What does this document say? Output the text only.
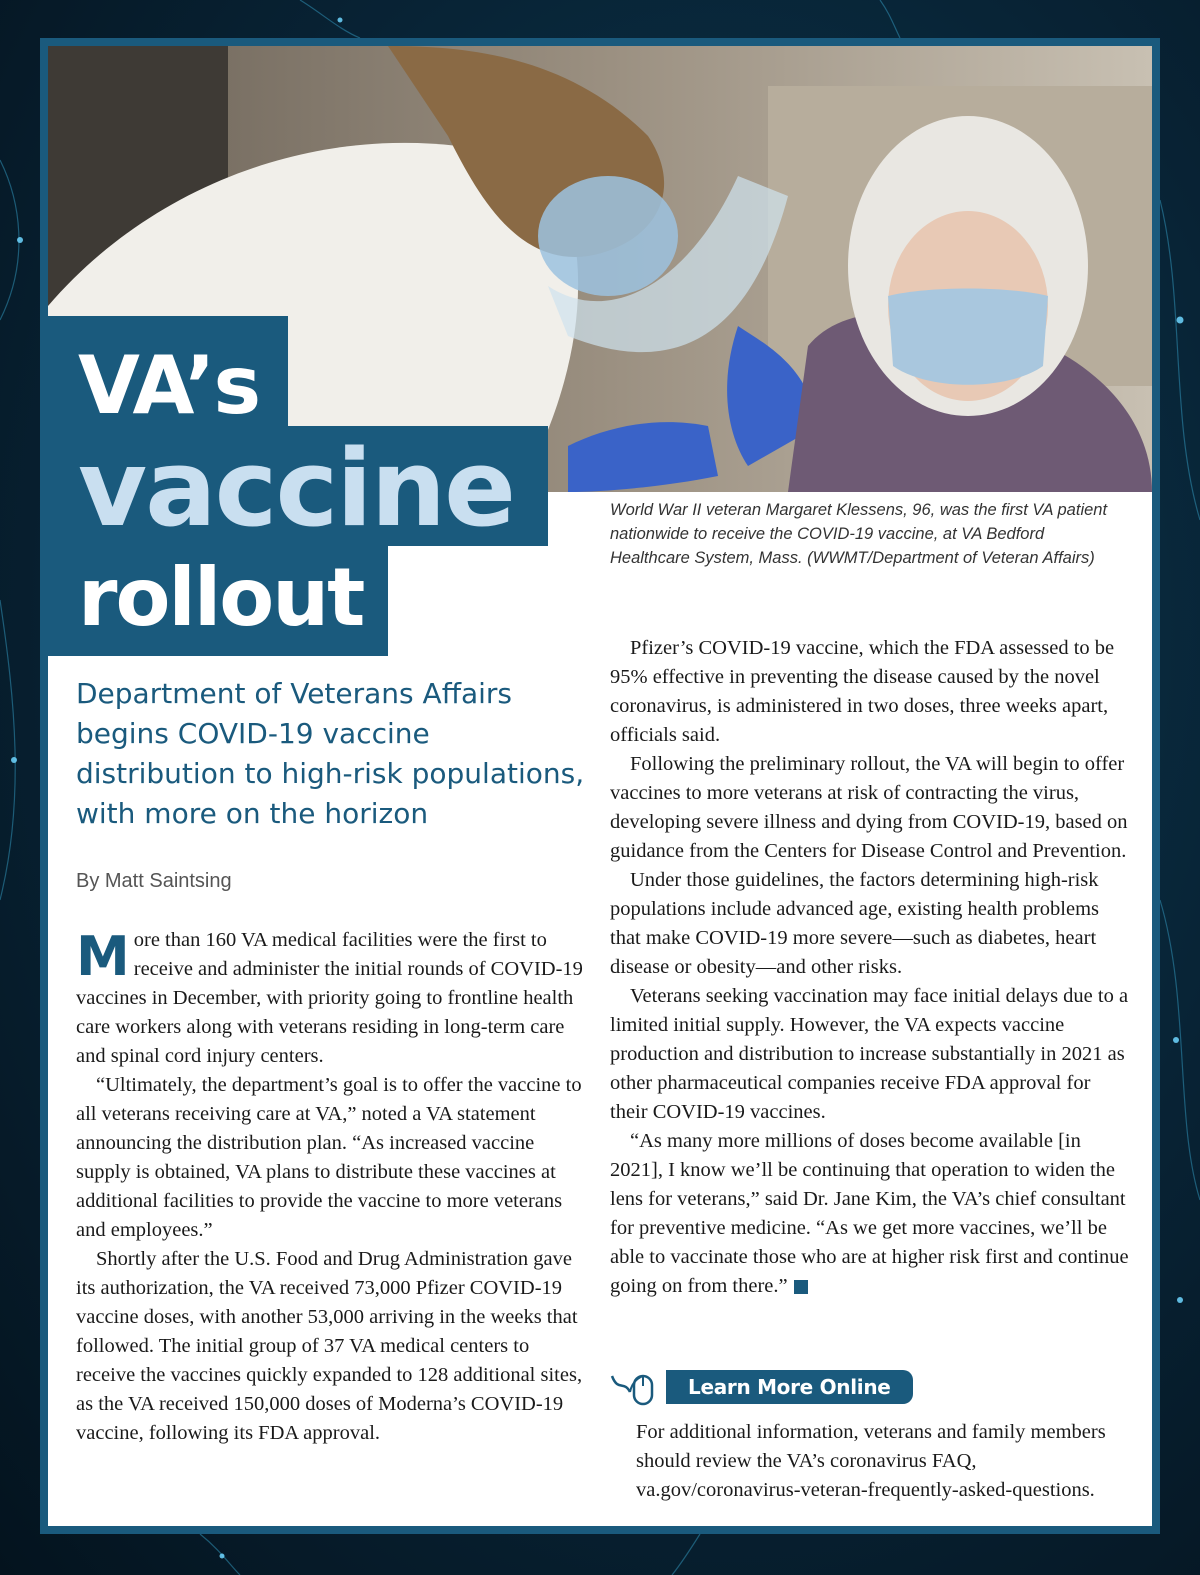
VA’s
vaccine
rollout
World War II veteran Margaret Klessens, 96, was the first VA patient nationwide to receive the COVID-19 vaccine, at VA Bedford Healthcare System, Mass. (WWMT/Department of Veteran Affairs)
Department of Veterans Affairs begins COVID-19 vaccine distribution to high-risk populations, with more on the horizon
By Matt Saintsing

More than 160 VA medical facilities were the first to receive and administer the initial rounds of COVID-19 vaccines in December, with priority going to frontline health care workers along with veterans residing in long-term care and spinal cord injury centers.

“Ultimately, the department’s goal is to offer the vaccine to all veterans receiving care at VA,” noted a VA statement announcing the distribution plan. “As increased vaccine supply is obtained, VA plans to distribute these vaccines at additional facilities to provide the vaccine to more veterans and employees.”

Shortly after the U.S. Food and Drug Administration gave its authorization, the VA received 73,000 Pfizer COVID-19 vaccine doses, with another 53,000 arriving in the weeks that followed. The initial group of 37 VA medical centers to receive the vaccines quickly expanded to 128 additional sites, as the VA received 150,000 doses of Moderna’s COVID-19 vaccine, following its FDA approval.

Pfizer’s COVID-19 vaccine, which the FDA assessed to be 95% effective in preventing the disease caused by the novel coronavirus, is administered in two doses, three weeks apart, officials said.

Following the preliminary rollout, the VA will begin to offer vaccines to more veterans at risk of contracting the virus, developing severe illness and dying from COVID-19, based on guidance from the Centers for Disease Control and Prevention.

Under those guidelines, the factors determining high-risk populations include advanced age, existing health problems that make COVID-19 more severe—such as diabetes, heart disease or obesity—and other risks.

Veterans seeking vaccination may face initial delays due to a limited initial supply. However, the VA expects vaccine production and distribution to increase substantially in 2021 as other pharmaceutical companies receive FDA approval for their COVID-19 vaccines.

“As many more millions of doses become available [in 2021], I know we’ll be continuing that operation to widen the lens for veterans,” said Dr. Jane Kim, the VA’s chief consultant for preventive medicine. “As we get more vaccines, we’ll be able to vaccinate those who are at higher risk first and continue going on from there.”

Learn More Online
For additional information, veterans and family members should review the VA’s coronavirus FAQ, va.gov/coronavirus-veteran-frequently-asked-questions.
